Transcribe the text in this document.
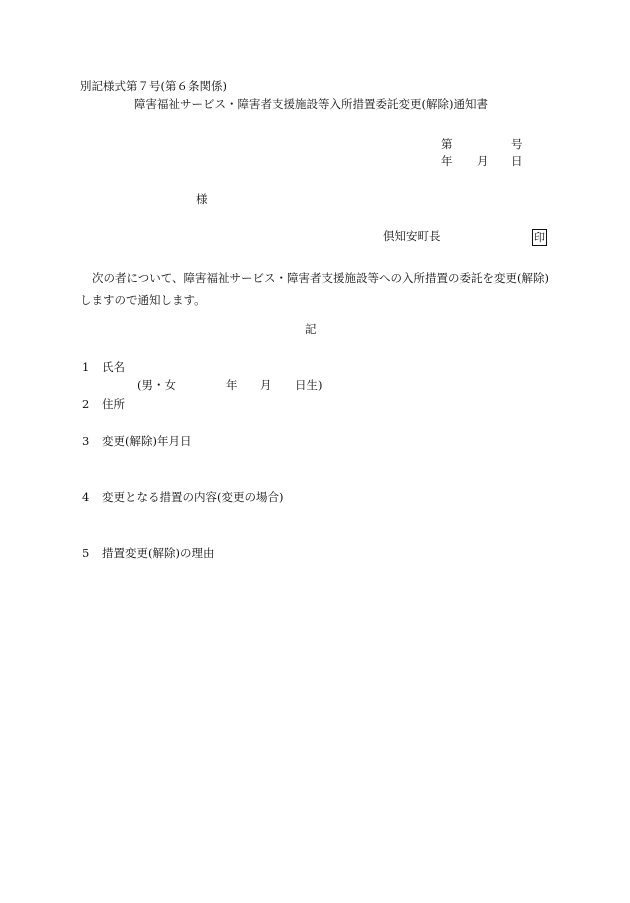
別記様式第７号(第６条関係)
障害福祉サービス・障害者支援施設等入所措置委託変更(解除)通知書
第	号
年 月 日
様
倶知安町長	印
次の者について、障害福祉サービス・障害者支援施設等への入所措置の委託を変更(解除)しますので通知します。
記
1 氏名
(男・女	年 月 日生)
2 住所
3 変更(解除)年月日
4 変更となる措置の内容(変更の場合)
5 措置変更(解除)の理由
